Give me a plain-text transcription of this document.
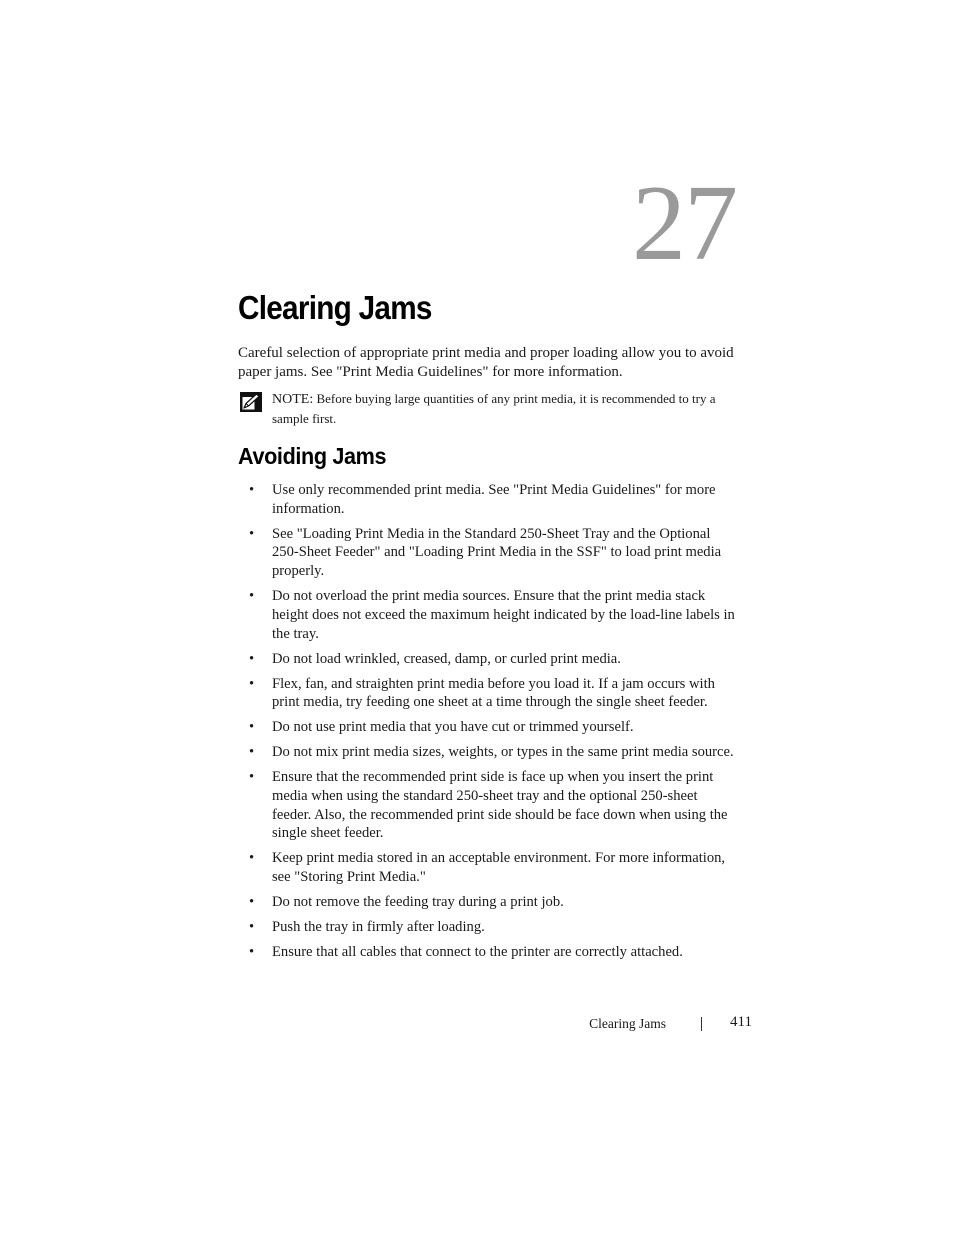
27
Clearing Jams

Careful selection of appropriate print media and proper loading allow you to avoid paper jams. See "Print Media Guidelines" for more information.

NOTE: Before buying large quantities of any print media, it is recommended to try a sample first.
Avoiding Jams
• Use only recommended print media. See "Print Media Guidelines" for more information.
• See "Loading Print Media in the Standard 250-Sheet Tray and the Optional 250-Sheet Feeder" and "Loading Print Media in the SSF" to load print media properly.
• Do not overload the print media sources. Ensure that the print media stack height does not exceed the maximum height indicated by the load-line labels in the tray.
• Do not load wrinkled, creased, damp, or curled print media.
• Flex, fan, and straighten print media before you load it. If a jam occurs with print media, try feeding one sheet at a time through the single sheet feeder.
• Do not use print media that you have cut or trimmed yourself.
• Do not mix print media sizes, weights, or types in the same print media source.
• Ensure that the recommended print side is face up when you insert the print media when using the standard 250-sheet tray and the optional 250-sheet feeder. Also, the recommended print side should be face down when using the single sheet feeder.
• Keep print media stored in an acceptable environment. For more information, see "Storing Print Media."
• Do not remove the feeding tray during a print job.
• Push the tray in firmly after loading.
• Ensure that all cables that connect to the printer are correctly attached.
Clearing Jams	411
